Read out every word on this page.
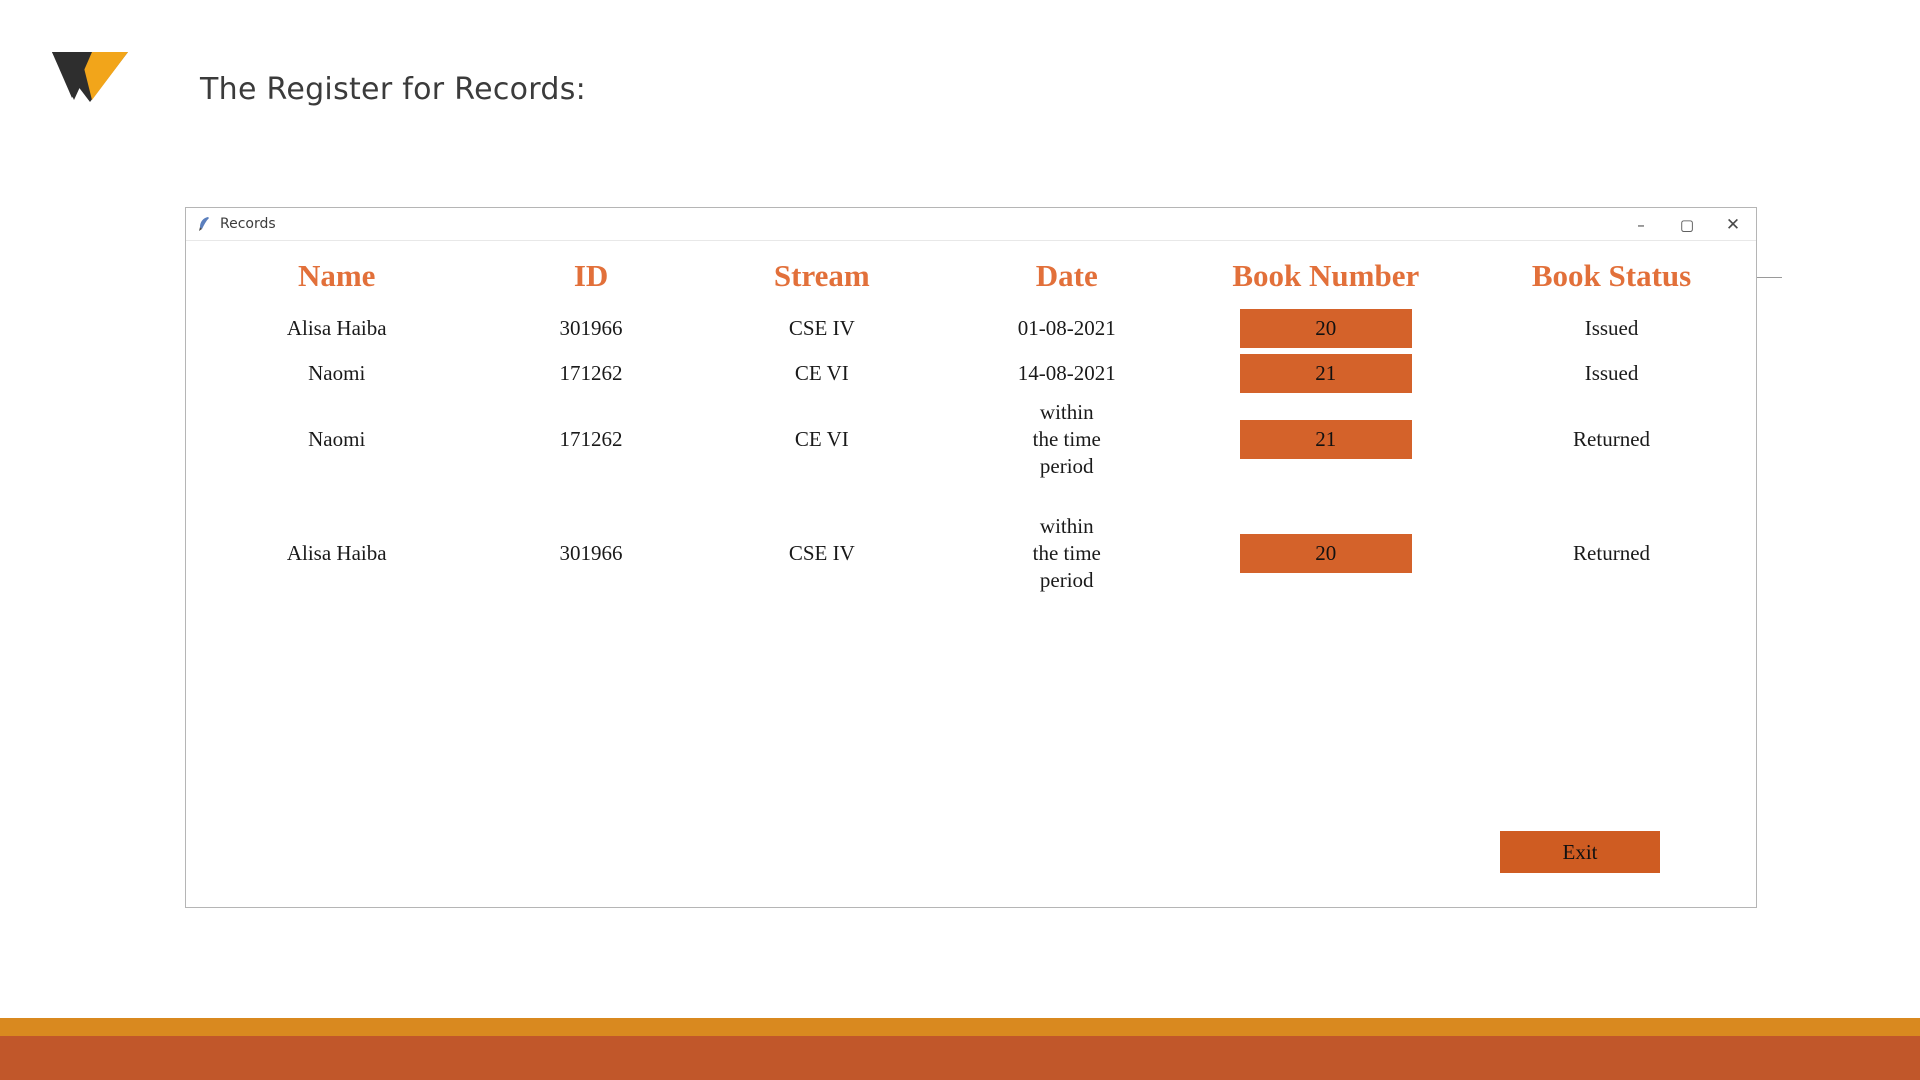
The Register for Records:
Records	–	▢	✕
Name	ID	Stream	Date	Book Number	Book Status
Alisa Haiba	301966	CSE IV	01-08-2021	20	Issued
Naomi	171262	CE VI	14-08-2021	21	Issued
Naomi	171262	CE VI	within
the time
period	21	Returned

Alisa Haiba	301966	CSE IV	within
the time
period	20	Returned
Exit
